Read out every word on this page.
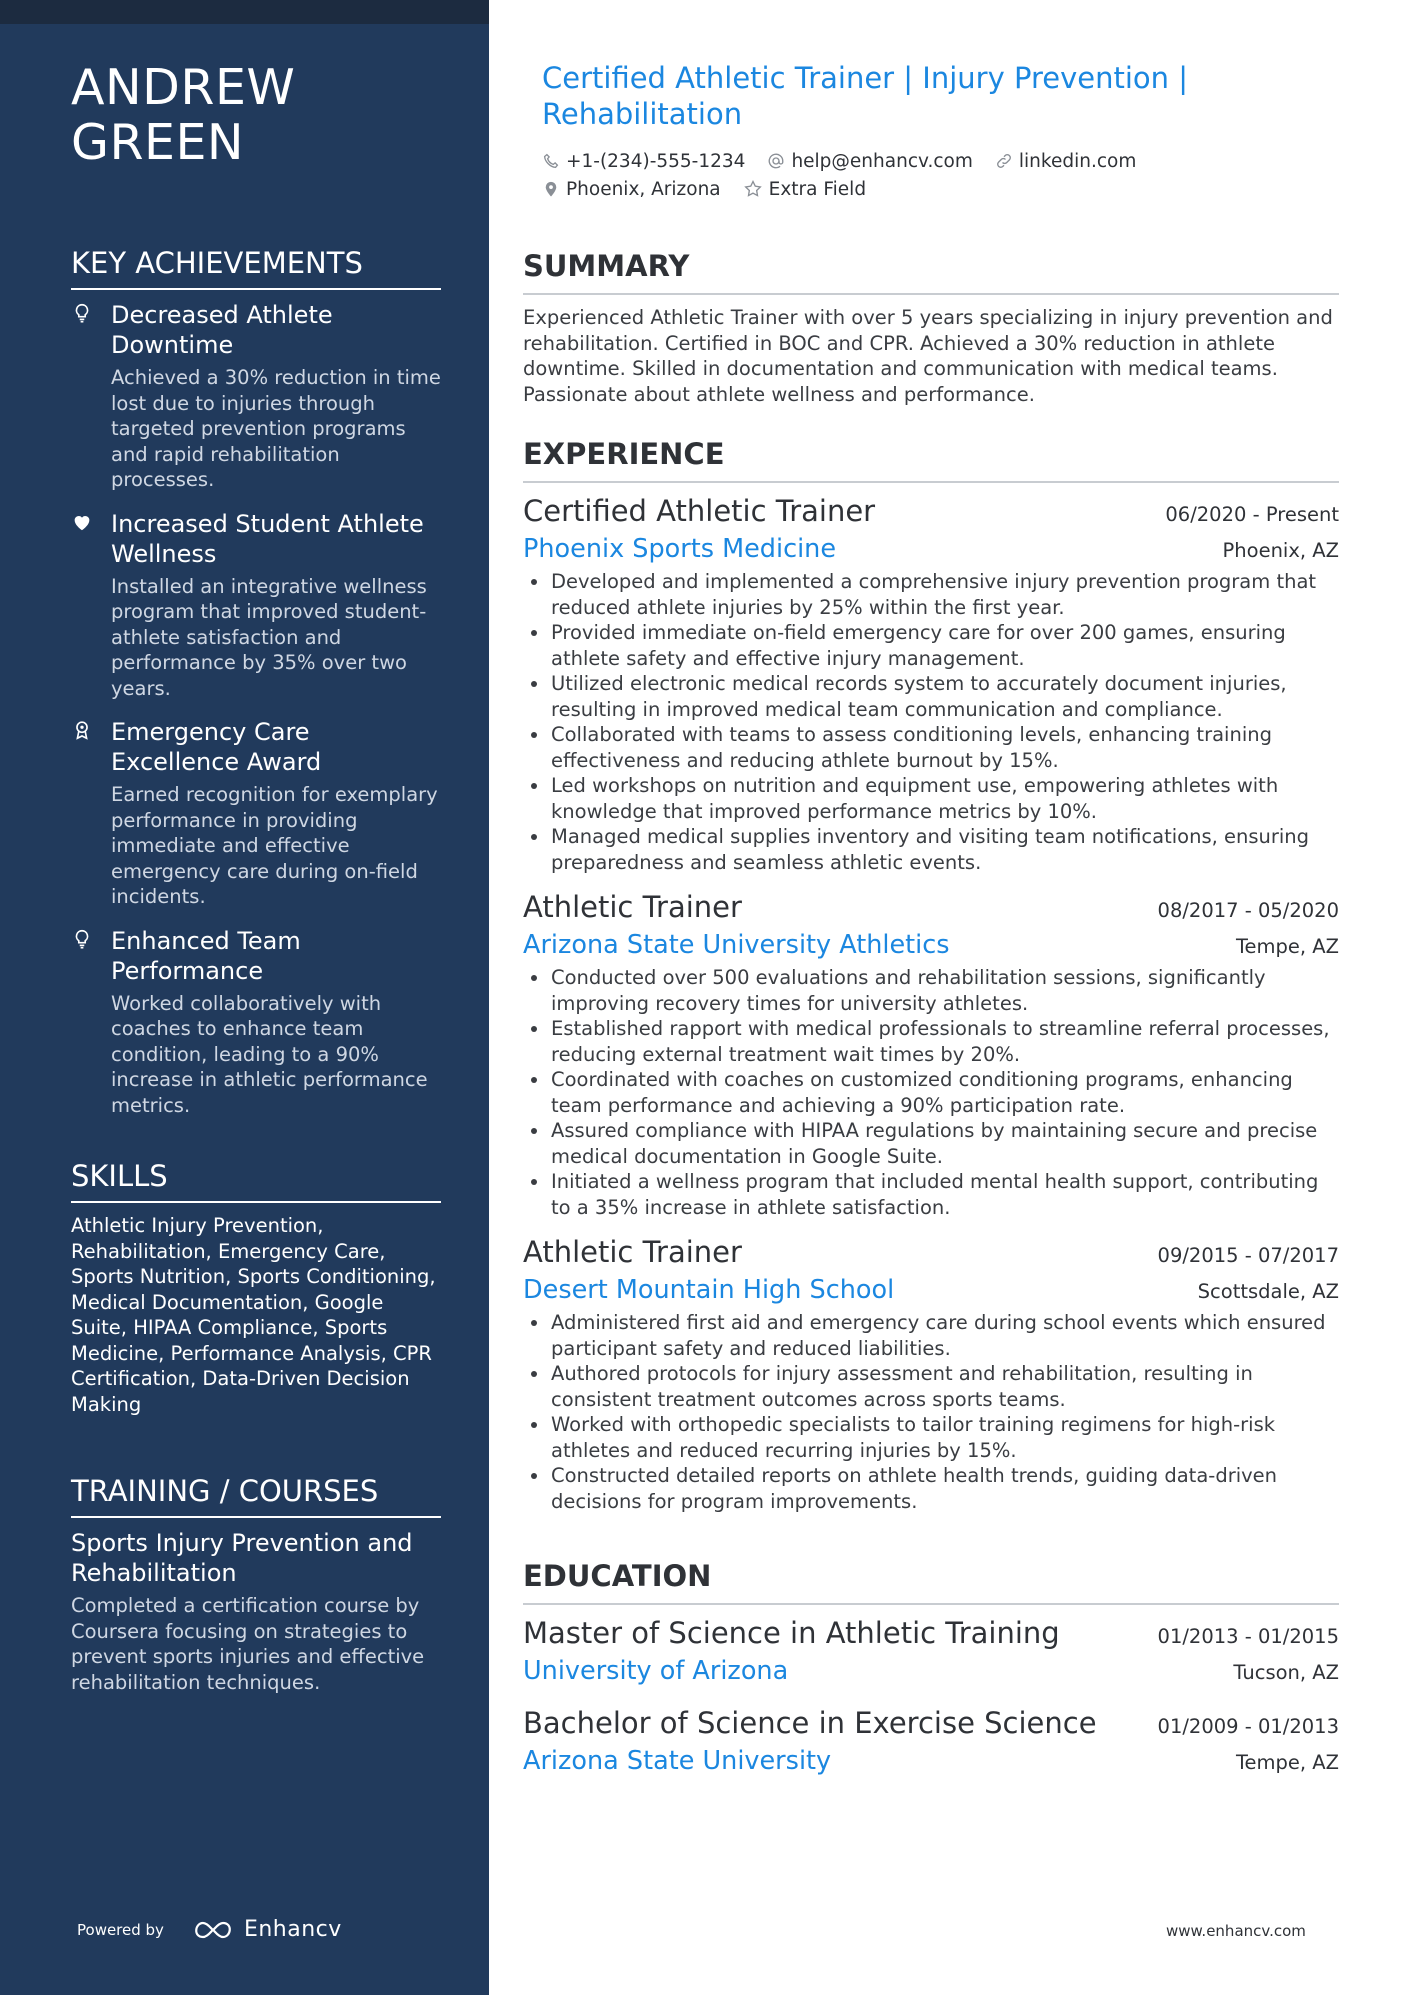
ANDREW
GREEN
KEY ACHIEVEMENTS
Decreased Athlete Downtime
Achieved a 30% reduction in time lost due to injuries through targeted prevention programs and rapid rehabilitation processes.
Increased Student Athlete Wellness
Installed an integrative wellness program that improved student-athlete satisfaction and performance by 35% over two years.
Emergency Care Excellence Award
Earned recognition for exemplary performance in providing immediate and effective emergency care during on-field incidents.
Enhanced Team Performance
Worked collaboratively with coaches to enhance team condition, leading to a 90% increase in athletic performance metrics.
SKILLS
Athletic Injury Prevention, Rehabilitation, Emergency Care, Sports Nutrition, Sports Conditioning, Medical Documentation, Google Suite, HIPAA Compliance, Sports Medicine, Performance Analysis, CPR Certification, Data-Driven Decision Making
TRAINING / COURSES
Sports Injury Prevention and Rehabilitation
Completed a certification course by Coursera focusing on strategies to prevent sports injuries and effective rehabilitation techniques.
Powered by	Enhancv
Certified Athletic Trainer | Injury Prevention | Rehabilitation
+1-(234)-555-1234 help@enhancv.com linkedin.com
Phoenix, Arizona	Extra Field
SUMMARY

Experienced Athletic Trainer with over 5 years specializing in injury prevention and rehabilitation. Certified in BOC and CPR. Achieved a 30% reduction in athlete downtime. Skilled in documentation and communication with medical teams. Passionate about athlete wellness and performance.

EXPERIENCE
Certified Athletic Trainer	06/2020 - Present
Phoenix Sports Medicine	Phoenix, AZ
Developed and implemented a comprehensive injury prevention program that reduced athlete injuries by 25% within the first year.
Provided immediate on-field emergency care for over 200 games, ensuring athlete safety and effective injury management.
Utilized electronic medical records system to accurately document injuries, resulting in improved medical team communication and compliance.
Collaborated with teams to assess conditioning levels, enhancing training effectiveness and reducing athlete burnout by 15%.
Led workshops on nutrition and equipment use, empowering athletes with knowledge that improved performance metrics by 10%.
Managed medical supplies inventory and visiting team notifications, ensuring preparedness and seamless athletic events.
Athletic Trainer	08/2017 - 05/2020
Arizona State University Athletics	Tempe, AZ
Conducted over 500 evaluations and rehabilitation sessions, significantly improving recovery times for university athletes.
Established rapport with medical professionals to streamline referral processes, reducing external treatment wait times by 20%.
Coordinated with coaches on customized conditioning programs, enhancing team performance and achieving a 90% participation rate.
Assured compliance with HIPAA regulations by maintaining secure and precise medical documentation in Google Suite.
Initiated a wellness program that included mental health support, contributing to a 35% increase in athlete satisfaction.
Athletic Trainer	09/2015 - 07/2017
Desert Mountain High School	Scottsdale, AZ
Administered first aid and emergency care during school events which ensured participant safety and reduced liabilities.
Authored protocols for injury assessment and rehabilitation, resulting in consistent treatment outcomes across sports teams.
Worked with orthopedic specialists to tailor training regimens for high-risk athletes and reduced recurring injuries by 15%.
Constructed detailed reports on athlete health trends, guiding data-driven decisions for program improvements.
EDUCATION
Master of Science in Athletic Training	01/2013 - 01/2015
University of Arizona	Tucson, AZ
Bachelor of Science in Exercise Science	01/2009 - 01/2013
Arizona State University	Tempe, AZ
www.enhancv.com
